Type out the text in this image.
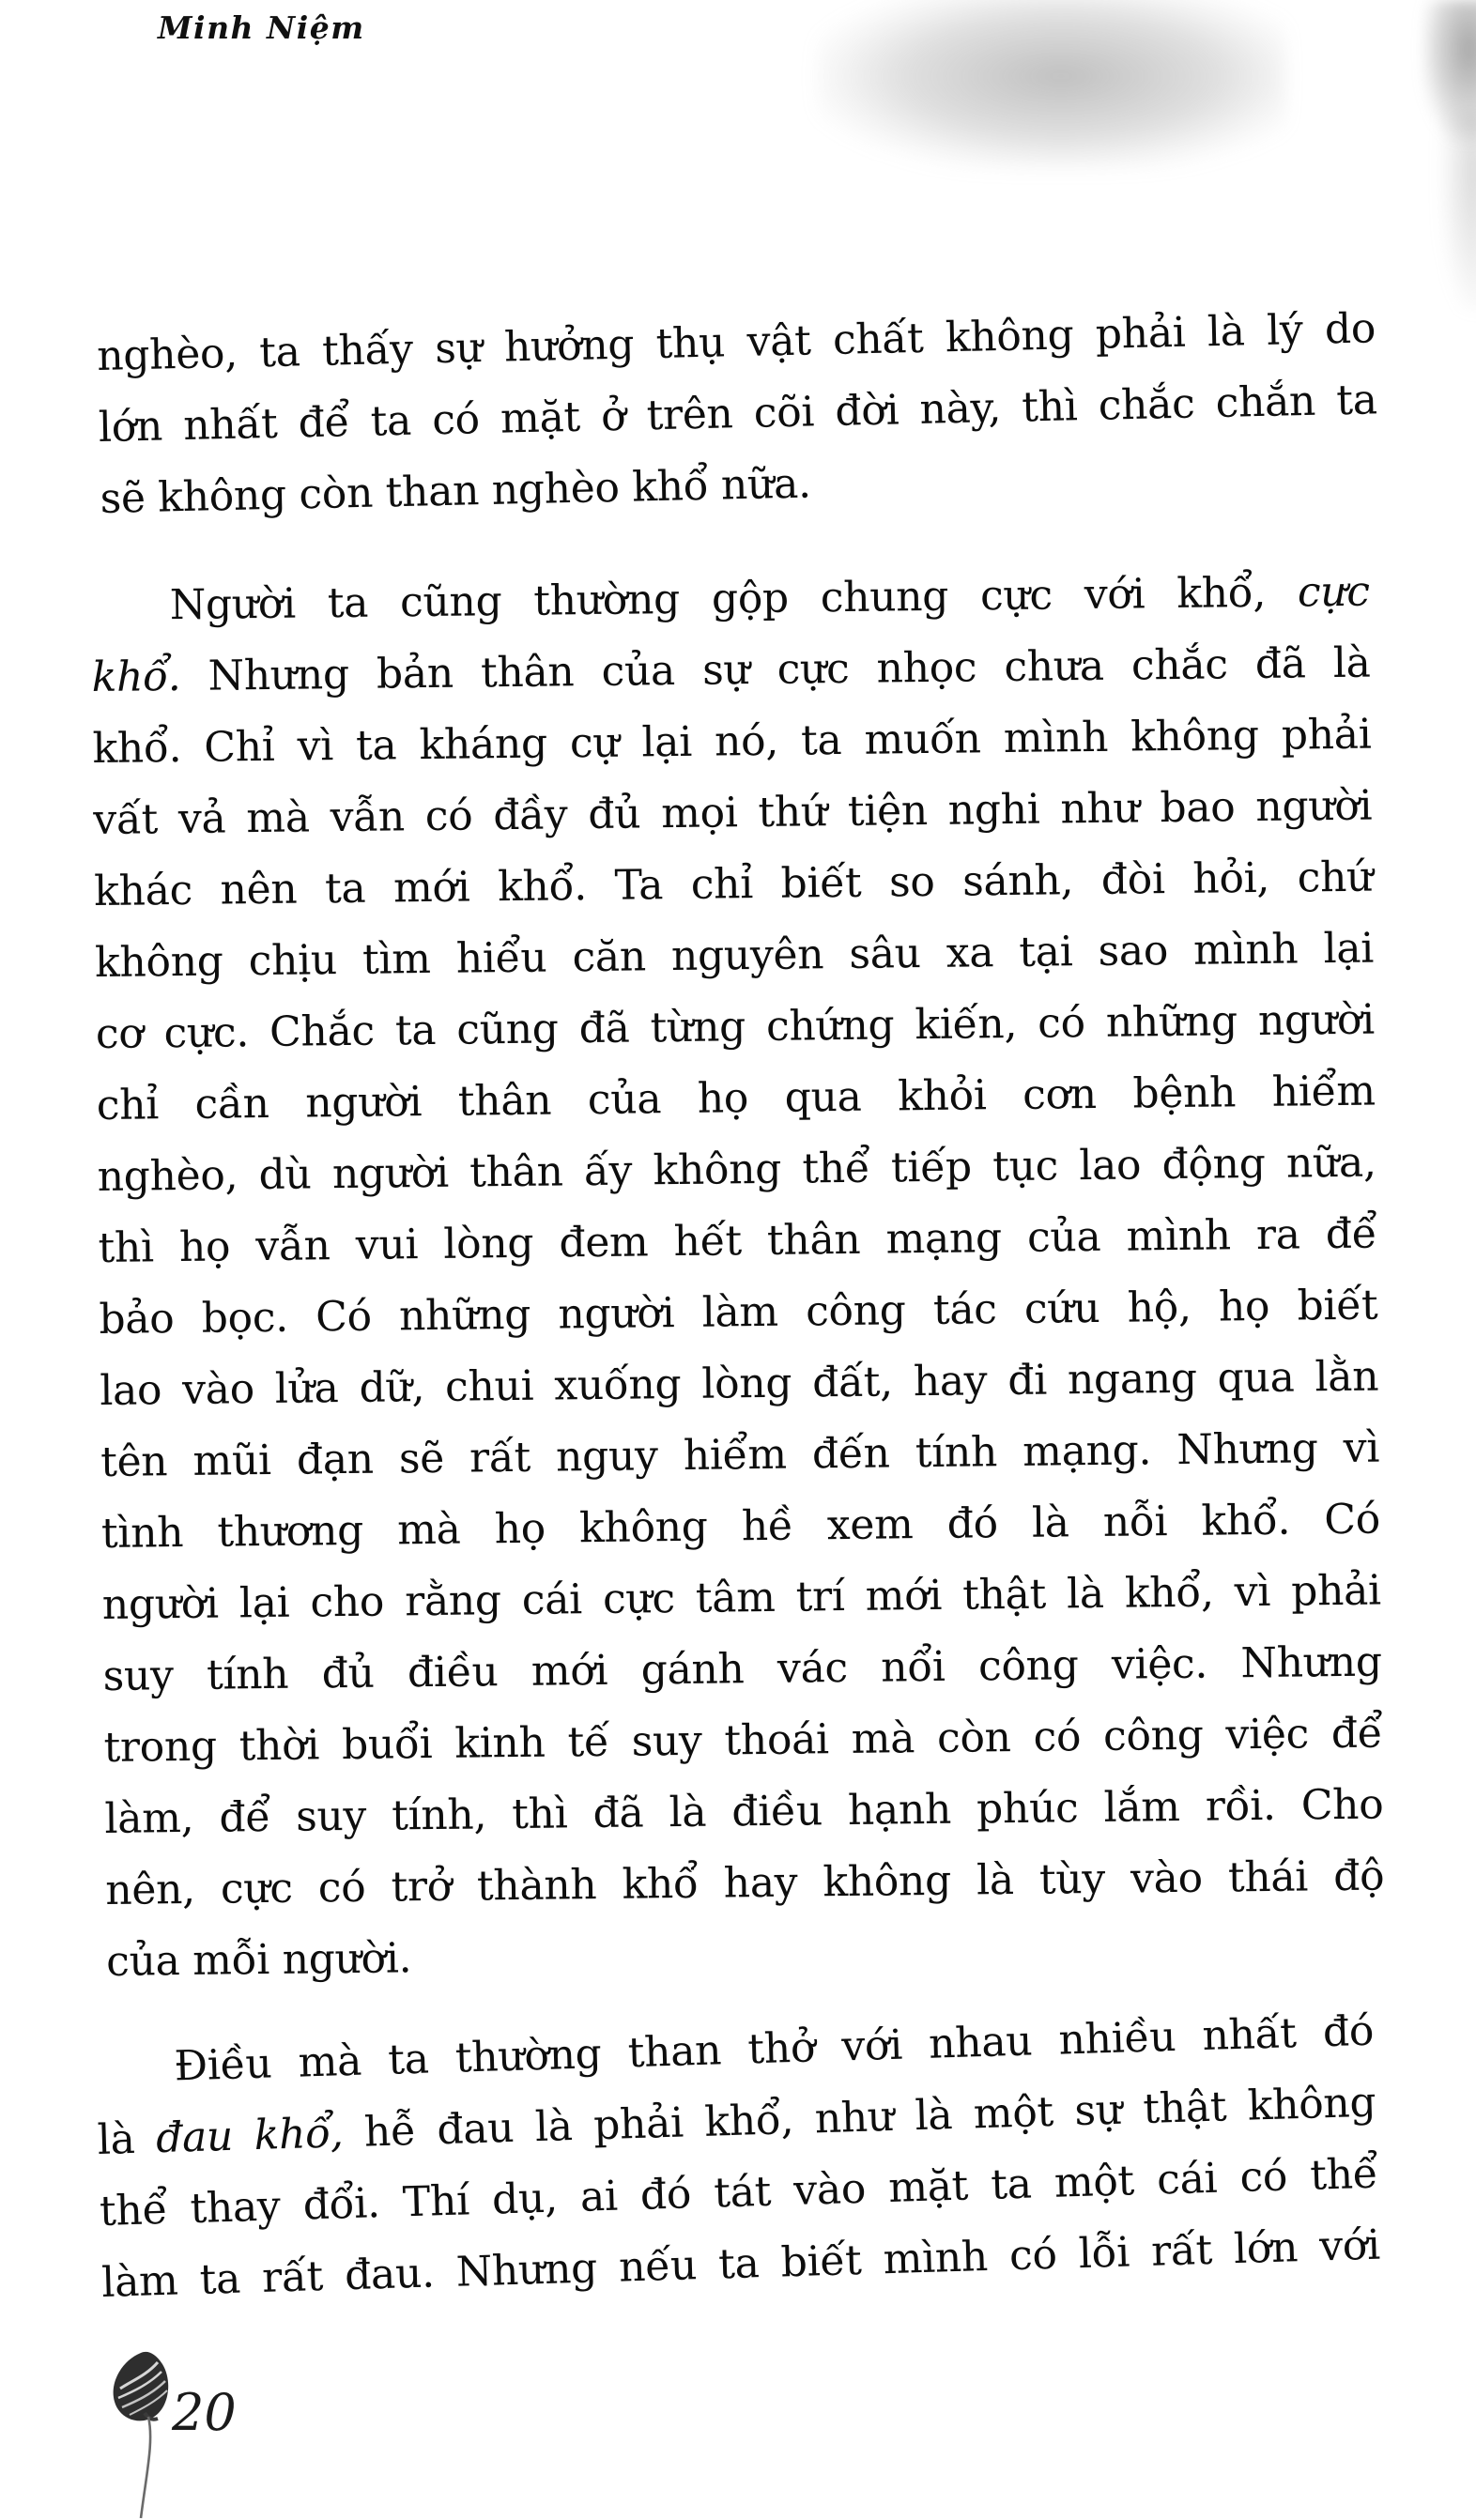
Minh Niệm
nghèo, ta thấy sự hưởng thụ vật chất không phải là lý do
lớn nhất để ta có mặt ở trên cõi đời này, thì chắc chắn ta
sẽ không còn than nghèo khổ nữa.
Người ta cũng thường gộp chung cực với khổ, cực
khổ. Nhưng bản thân của sự cực nhọc chưa chắc đã là
khổ. Chỉ vì ta kháng cự lại nó, ta muốn mình không phải
vất vả mà vẫn có đầy đủ mọi thứ tiện nghi như bao người
khác nên ta mới khổ. Ta chỉ biết so sánh, đòi hỏi, chứ
không chịu tìm hiểu căn nguyên sâu xa tại sao mình lại
cơ cực. Chắc ta cũng đã từng chứng kiến, có những người
chỉ cần người thân của họ qua khỏi cơn bệnh hiểm
nghèo, dù người thân ấy không thể tiếp tục lao động nữa,
thì họ vẫn vui lòng đem hết thân mạng của mình ra để
bảo bọc. Có những người làm công tác cứu hộ, họ biết
lao vào lửa dữ, chui xuống lòng đất, hay đi ngang qua lằn
tên mũi đạn sẽ rất nguy hiểm đến tính mạng. Nhưng vì
tình thương mà họ không hề xem đó là nỗi khổ. Có
người lại cho rằng cái cực tâm trí mới thật là khổ, vì phải
suy tính đủ điều mới gánh vác nổi công việc. Nhưng
trong thời buổi kinh tế suy thoái mà còn có công việc để
làm, để suy tính, thì đã là điều hạnh phúc lắm rồi. Cho
nên, cực có trở thành khổ hay không là tùy vào thái độ
của mỗi người.
Điều mà ta thường than thở với nhau nhiều nhất đó
là đau khổ, hễ đau là phải khổ, như là một sự thật không
thể thay đổi. Thí dụ, ai đó tát vào mặt ta một cái có thể
làm ta rất đau. Nhưng nếu ta biết mình có lỗi rất lớn với
20
